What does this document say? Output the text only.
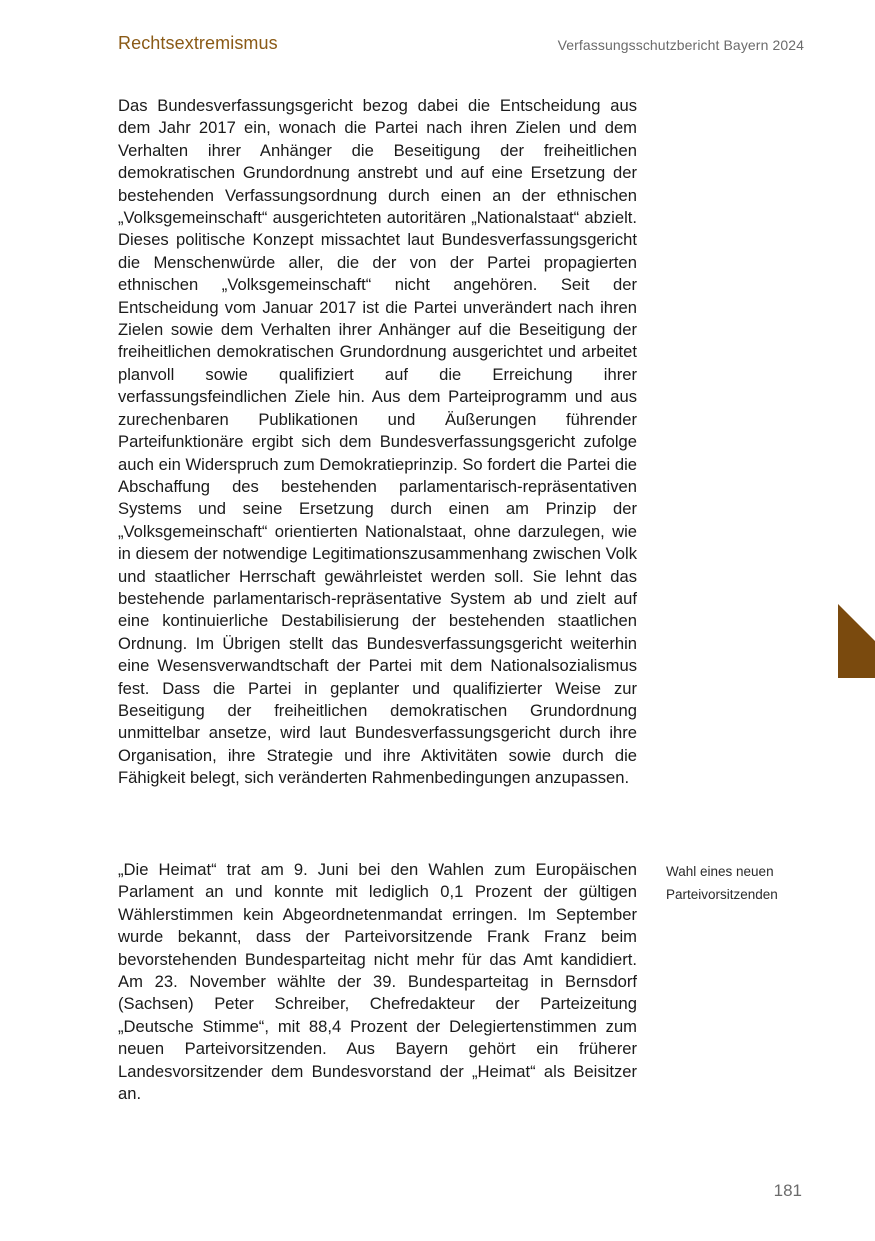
Rechtsextremismus	Verfassungsschutzbericht Bayern 2024

Das Bundesverfassungsgericht bezog dabei die Entscheidung aus dem Jahr 2017 ein, wonach die Partei nach ihren Zielen und dem Verhalten ihrer Anhänger die Beseitigung der freiheitlichen demokratischen Grundordnung anstrebt und auf eine Ersetzung der bestehenden Verfassungsordnung durch einen an der ethnischen „Volksgemeinschaft“ ausgerichteten autoritären „Nationalstaat“ abzielt. Dieses politische Konzept missachtet laut Bundesverfassungsgericht die Menschenwürde aller, die der von der Partei propagierten ethnischen „Volksgemeinschaft“ nicht angehören. Seit der Entscheidung vom Januar 2017 ist die Partei unverändert nach ihren Zielen sowie dem Verhalten ihrer Anhänger auf die Beseitigung der freiheitlichen demokratischen Grundordnung ausgerichtet und arbeitet planvoll sowie qualifiziert auf die Erreichung ihrer verfassungsfeindlichen Ziele hin. Aus dem Parteiprogramm und aus zurechenbaren Publikationen und Äußerungen führender Parteifunktionäre ergibt sich dem Bundesverfassungsgericht zufolge auch ein Widerspruch zum Demokratieprinzip. So fordert die Partei die Abschaffung des bestehenden parlamentarisch-repräsentativen Systems und seine Ersetzung durch einen am Prinzip der „Volksgemeinschaft“ orientierten Nationalstaat, ohne darzulegen, wie in diesem der notwendige Legitimationszusammenhang zwischen Volk und staatlicher Herrschaft gewährleistet werden soll. Sie lehnt das bestehende parlamentarisch-repräsentative System ab und zielt auf eine kontinuierliche Destabilisierung der bestehenden staatlichen Ordnung. Im Übrigen stellt das Bundesverfassungsgericht weiterhin eine Wesensverwandtschaft der Partei mit dem Nationalsozialismus fest. Dass die Partei in geplanter und qualifizierter Weise zur Beseitigung der freiheitlichen demokratischen Grundordnung unmittelbar ansetze, wird laut Bundesverfassungsgericht durch ihre Organisation, ihre Strategie und ihre Aktivitäten sowie durch die Fähigkeit belegt, sich veränderten Rahmenbedingungen anzupassen.

„Die Heimat“ trat am 9. Juni bei den Wahlen zum Europäischen Parlament an und konnte mit lediglich 0,1 Prozent der gültigen Wählerstimmen kein Abgeordnetenmandat erringen. Im September wurde bekannt, dass der Parteivorsitzende Frank Franz beim bevorstehenden Bundesparteitag nicht mehr für das Amt kandidiert. Am 23. November wählte der 39. Bundesparteitag in Bernsdorf (Sachsen) Peter Schreiber, Chefredakteur der Parteizeitung „Deutsche Stimme“, mit 88,4 Prozent der Delegiertenstimmen zum neuen Parteivorsitzenden. Aus Bayern gehört ein früherer Landesvorsitzender dem Bundesvorstand der „Heimat“ als Beisitzer an.

Wahl eines neuen Parteivorsitzenden
181
